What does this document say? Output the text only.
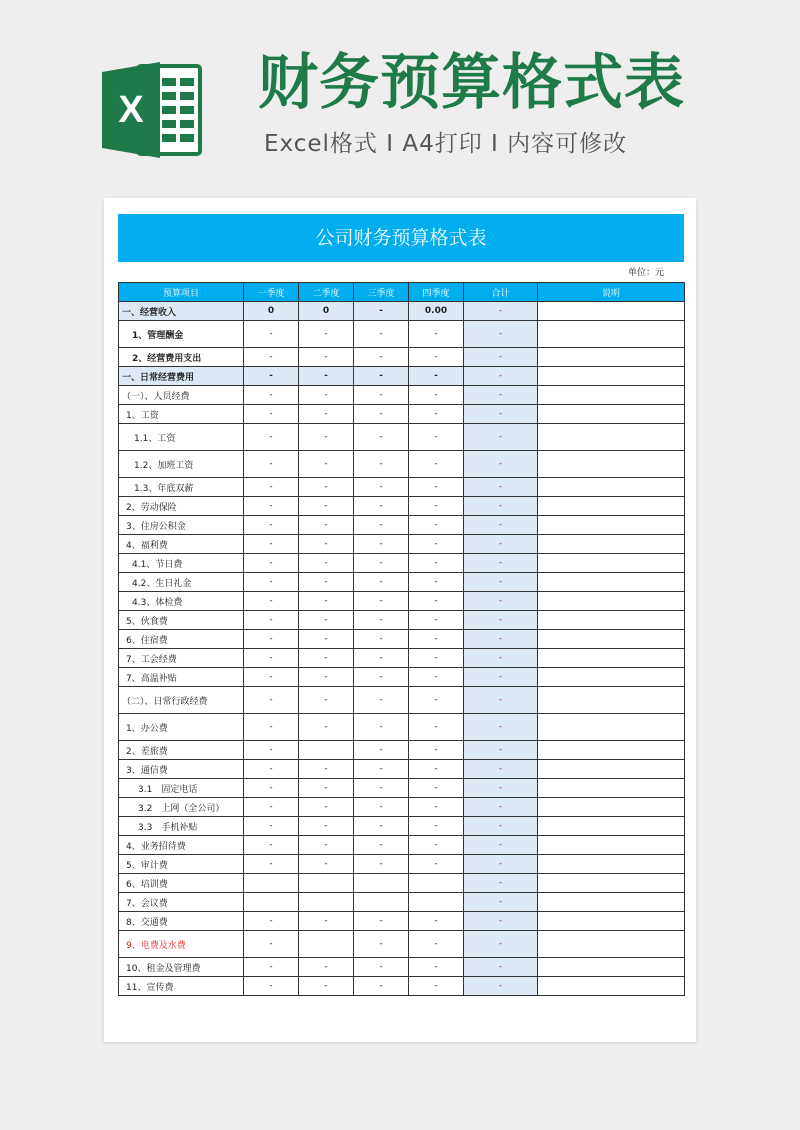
X 财务预算格式表
Excel格式 I A4打印 I 内容可修改
公司财务预算格式表
单位：元
预算项目	一季度	二季度	三季度	四季度	合计	说明
一、经营收入	0	0	-	0.00	-	
1、管理酬金	-	-	-	-	-	
2、经营费用支出	-	-	-	-	-	
一、日常经营费用	-	-	-	-	-	
（一）、人员经费	-	-	-	-	-	
1、工资	-	-	-	-	-	
1.1、工资	-	-	-	-	-	
1.2、加班工资	-	-	-	-	-	
1.3、年底双薪	-	-	-	-	-	
2、劳动保险	-	-	-	-	-	
3、住房公积金	-	-	-	-	-	
4、福利费	-	-	-	-	-	
4.1、节日费	-	-	-	-	-	
4.2、生日礼金	-	-	-	-	-	
4.3、体检费	-	-	-	-	-	
5、伙食费	-	-	-	-	-	
6、住宿费	-	-	-	-	-	
7、工会经费	-	-	-	-	-	
7、高温补贴	-	-	-	-	-	
（二）、日常行政经费	-	-	-	-	-	
1、办公费	-	-	-	-	-	
2、差旅费	-		-	-	-	
3、通信费	-	-	-	-	-	
3.1　固定电话	-	-	-	-	-	
3.2　上网（全公司）	-	-	-	-	-	
3.3　手机补贴	-	-	-	-	-	
4、业务招待费	-	-	-	-	-	
5、审计费	-	-	-	-	-	
6、培训费					-	
7、会议费					-	
8、交通费	-	-	-	-	-	
9、电费及水费	-		-	-	-	
10、租金及管理费	-	-	-	-	-	
11、宣传费	-	-	-	-	-	
